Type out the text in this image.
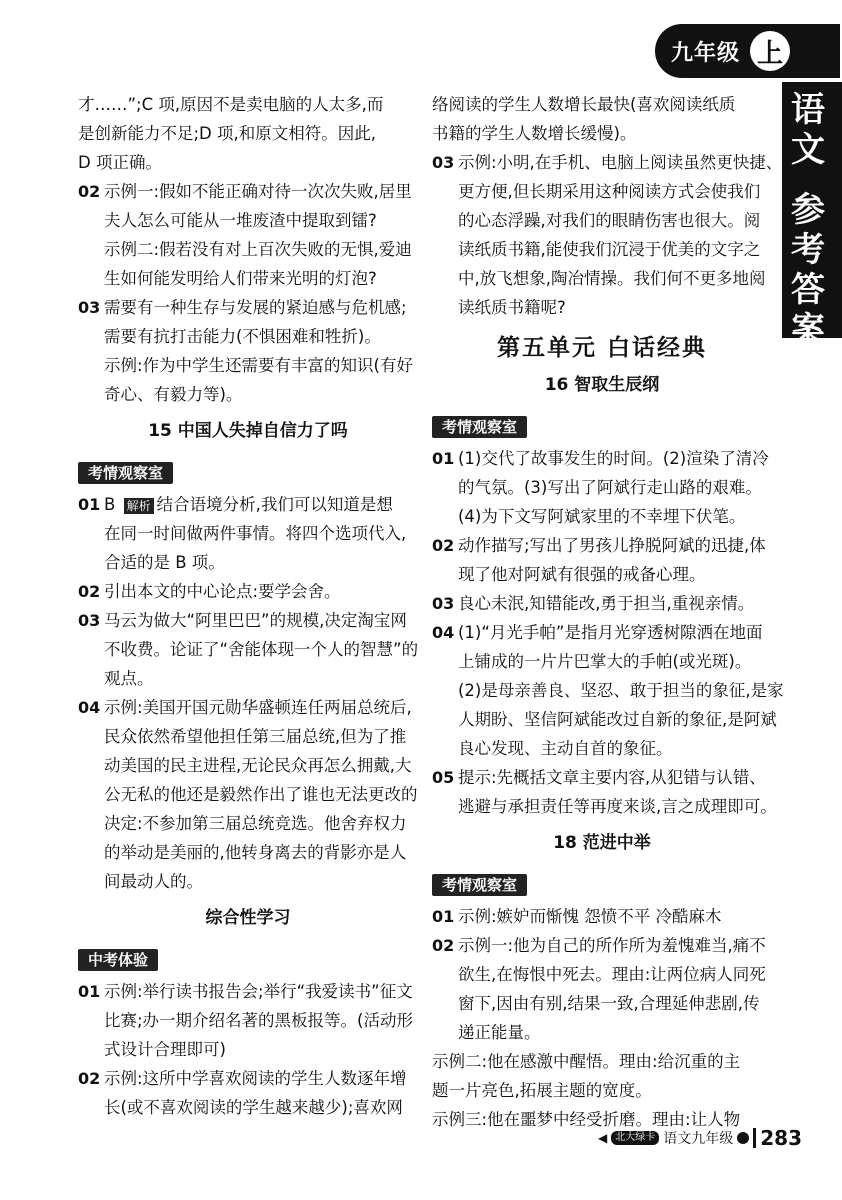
九年级 上
语
文
参
考
答
案
才……”;C 项,原因不是卖电脑的人太多,而
是创新能力不足;D 项,和原文相符。因此,
D 项正确。
02 示例一:假如不能正确对待一次次失败,居里
夫人怎么可能从一堆废渣中提取到镭?
示例二:假若没有对上百次失败的无惧,爱迪
生如何能发明给人们带来光明的灯泡?
03 需要有一种生存与发展的紧迫感与危机感;
需要有抗打击能力(不惧困难和牲折)。
示例:作为中学生还需要有丰富的知识(有好
奇心、有毅力等)。
15 中国人失掉自信力了吗
考情观察室
01 B 解析 结合语境分析,我们可以知道是想
在同一时间做两件事情。将四个选项代入,
合适的是 B 项。
02 引出本文的中心论点:要学会舍。
03 马云为做大“阿里巴巴”的规模,决定淘宝网
不收费。论证了“舍能体现一个人的智慧”的
观点。
04 示例:美国开国元勋华盛顿连任两届总统后,
民众依然希望他担任第三届总统,但为了推
动美国的民主进程,无论民众再怎么拥戴,大
公无私的他还是毅然作出了谁也无法更改的
决定:不参加第三届总统竞选。他舍弃权力
的举动是美丽的,他转身离去的背影亦是人
间最动人的。
综合性学习
中考体验
01 示例:举行读书报告会;举行“我爱读书”征文
比赛;办一期介绍名著的黑板报等。(活动形
式设计合理即可)
02 示例:这所中学喜欢阅读的学生人数逐年增
长(或不喜欢阅读的学生越来越少);喜欢网
络阅读的学生人数增长最快(喜欢阅读纸质
书籍的学生人数增长缓慢)。
03 示例:小明,在手机、电脑上阅读虽然更快捷、
更方便,但长期采用这种阅读方式会使我们
的心态浮躁,对我们的眼睛伤害也很大。阅
读纸质书籍,能使我们沉浸于优美的文字之
中,放飞想象,陶冶情操。我们何不更多地阅
读纸质书籍呢?
第五单元 白话经典
16 智取生辰纲
考情观察室
01 (1)交代了故事发生的时间。(2)渲染了清冷
的气氛。(3)写出了阿斌行走山路的艰难。
(4)为下文写阿斌家里的不幸埋下伏笔。
02 动作描写;写出了男孩儿挣脱阿斌的迅捷,体
现了他对阿斌有很强的戒备心理。
03 良心未泯,知错能改,勇于担当,重视亲情。
04 (1)“月光手帕”是指月光穿透树隙洒在地面
上铺成的一片片巴掌大的手帕(或光斑)。
(2)是母亲善良、坚忍、敢于担当的象征,是家
人期盼、坚信阿斌能改过自新的象征,是阿斌
良心发现、主动自首的象征。
05 提示:先概括文章主要内容,从犯错与认错、
逃避与承担责任等再度来谈,言之成理即可。
18 范进中举
考情观察室
01 示例:嫉妒而惭愧 怨愤不平 冷酷麻木
02 示例一:他为自己的所作所为羞愧难当,痛不
欲生,在悔恨中死去。理由:让两位病人同死
窗下,因由有别,结果一致,合理延伸悲剧,传
递正能量。
示例二:他在感激中醒悟。理由:给沉重的主
题一片亮色,拓展主题的宽度。
示例三:他在噩梦中经受折磨。理由:让人物
◀ 北大绿卡 语文九年级	283
